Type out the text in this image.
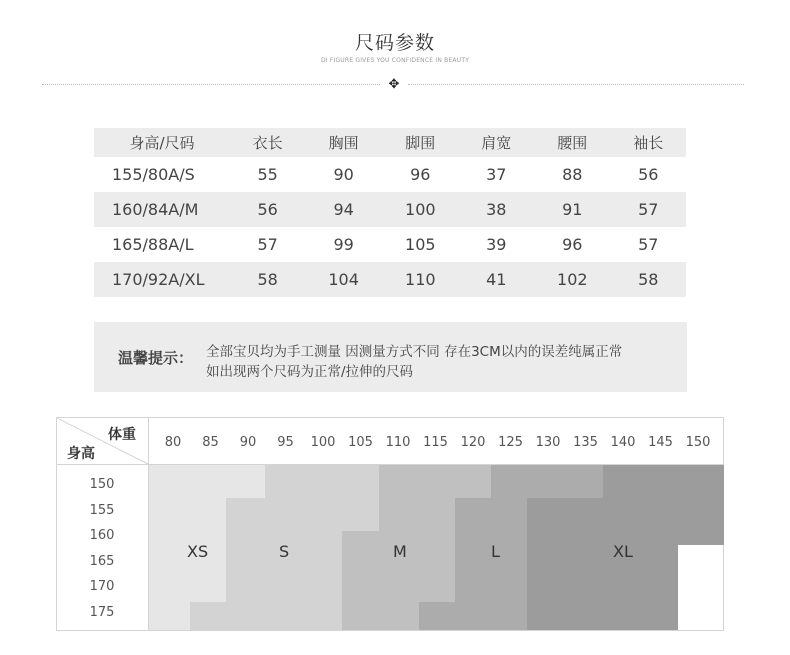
尺码参数
DI FIGURE GIVES YOU CONFIDENCE IN BEAUTY
✥
身高/尺码	衣长	胸围	脚围	肩宽	腰围	袖长
155/80A/S	55	90	96	37	88	56
160/84A/M	56	94	100	38	91	57
165/88A/L	57	99	105	39	96	57
170/92A/XL	58	104	110	41	102	58
温馨提示： 全部宝贝均为手工测量 因测量方式不同 存在3CM以内的误差纯属正常
如出现两个尺码为正常/拉伸的尺码
体重
身高
80	85	90	95	100 105 110 115 120 125 130 135 140 145 150
150
155
160
165
170
175
XS	S	M	L	XL
